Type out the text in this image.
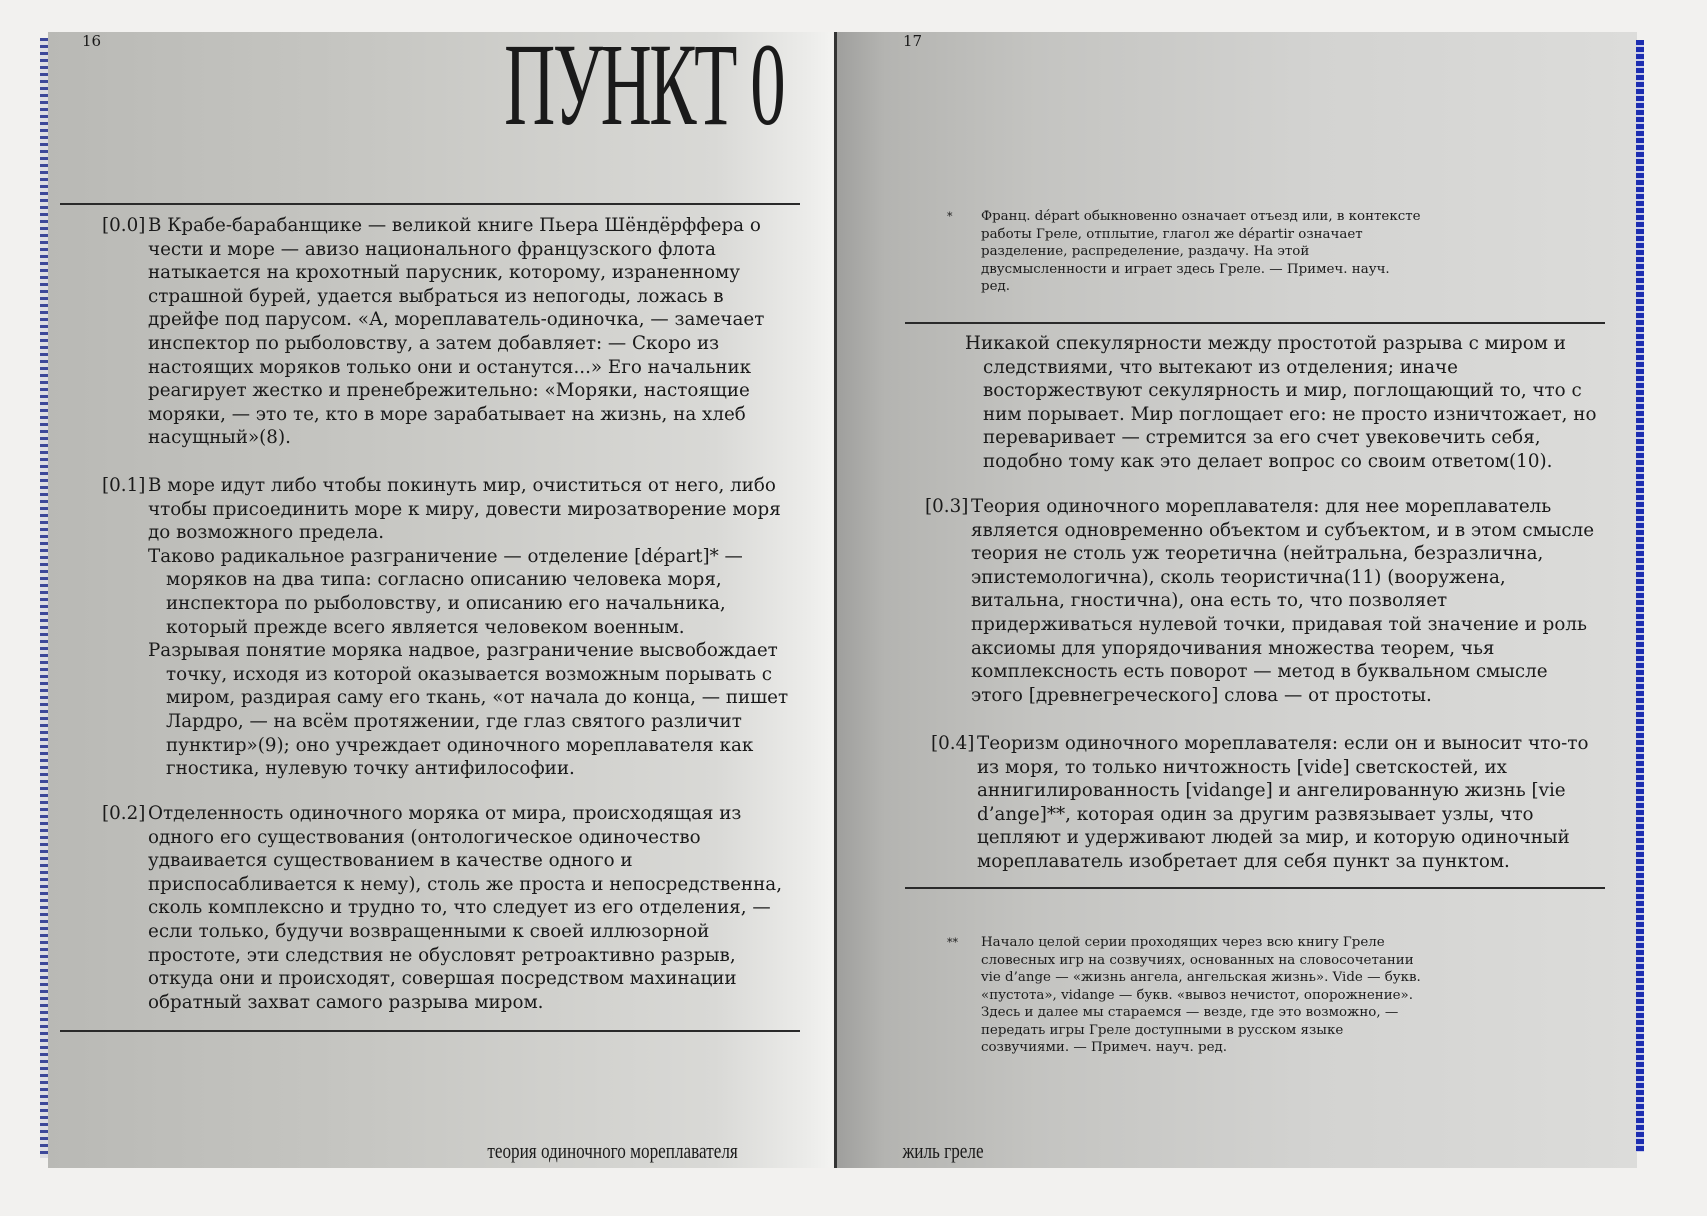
16	ПУНКТ 0
[0.0] В Крабе-барабанщике — великой книге Пьера Шёндёрффера о чести и море — авизо национального французского флота натыкается на крохотный парусник, которому, израненному страшной бурей, удается выбраться из непогоды, ложась в дрейфе под парусом. «А, мореплаватель-одиночка, — замечает инспектор по рыболовству, а затем добавляет: — Скоро из настоящих моряков только они и останутся...» Его начальник реагирует жестко и пренебрежительно: «Моряки, настоящие моряки, — это те, кто в море зарабатывает на жизнь, на хлеб насущный»(8).

[0.1] В море идут либо чтобы покинуть мир, очиститься от него, либо чтобы присоединить море к миру, довести мирозатворение моря до возможного предела.

Таково радикальное разграничение — отделение [départ]* — моряков на два типа: согласно описанию человека моря, инспектора по рыболовству, и описанию его начальника, который прежде всего является человеком военным.

Разрывая понятие моряка надвое, разграничение высвобождает точку, исходя из которой оказывается возможным порывать с миром, раздирая саму его ткань, «от начала до конца, — пишет Лардро, — на всём протяжении, где глаз святого различит пунктир»(9); оно учреждает одиночного мореплавателя как гностика, нулевую точку антифилософии.

[0.2] Отделенность одиночного моряка от мира, происходящая из одного его существования (онтологическое одиночество удваивается существованием в качестве одного и приспосабливается к нему), столь же проста и непосредственна, сколь комплексно и трудно то, что следует из его отделения, — если только, будучи возвращенными к своей иллюзорной простоте, эти следствия не обусловят ретроактивно разрыв, откуда они и происходят, совершая посредством махинации обратный захват самого разрыва миром.

теория одиночного мореплавателя
17
* Франц. départ обыкновенно означает отъезд или, в контексте работы Греле, отплытие, глагол же départir означает разделение, распределение, раздачу. На этой двусмысленности и играет здесь Греле. — Примеч. науч. ред.

Никакой спекулярности между простотой разрыва с миром и следствиями, что вытекают из отделения; иначе восторжествуют секулярность и мир, поглощающий то, что с ним порывает. Мир поглощает его: не просто изничтожает, но переваривает — стремится за его счет увековечить себя, подобно тому как это делает вопрос со своим ответом(10).

[0.3] Теория одиночного мореплавателя: для нее мореплаватель является одновременно объектом и субъектом, и в этом смысле теория не столь уж теоретична (нейтральна, безразлична, эпистемологична), сколь теористична(11) (вооружена, витальна, гностична), она есть то, что позволяет придерживаться нулевой точки, придавая той значение и роль аксиомы для упорядочивания множества теорем, чья комплексность есть поворот — метод в буквальном смысле этого [древнегреческого] слова — от простоты.

[0.4] Теоризм одиночного мореплавателя: если он и выносит что-то из моря, то только ничтожность [vide] светскостей, их аннигилированность [vidange] и ангелированную жизнь [vie d’ange]**, которая один за другим развязывает узлы, что цепляют и удерживают людей за мир, и которую одиночный мореплаватель изобретает для себя пункт за пунктом.

** Начало целой серии проходящих через всю книгу Греле словесных игр на созвучиях, основанных на словосочетании vie d’ange — «жизнь ангела, ангельская жизнь». Vide — букв. «пустота», vidange — букв. «вывоз нечистот, опорожнение». Здесь и далее мы стараемся — везде, где это возможно, — передать игры Греле доступными в русском языке созвучиями. — Примеч. науч. ред.
жиль греле
